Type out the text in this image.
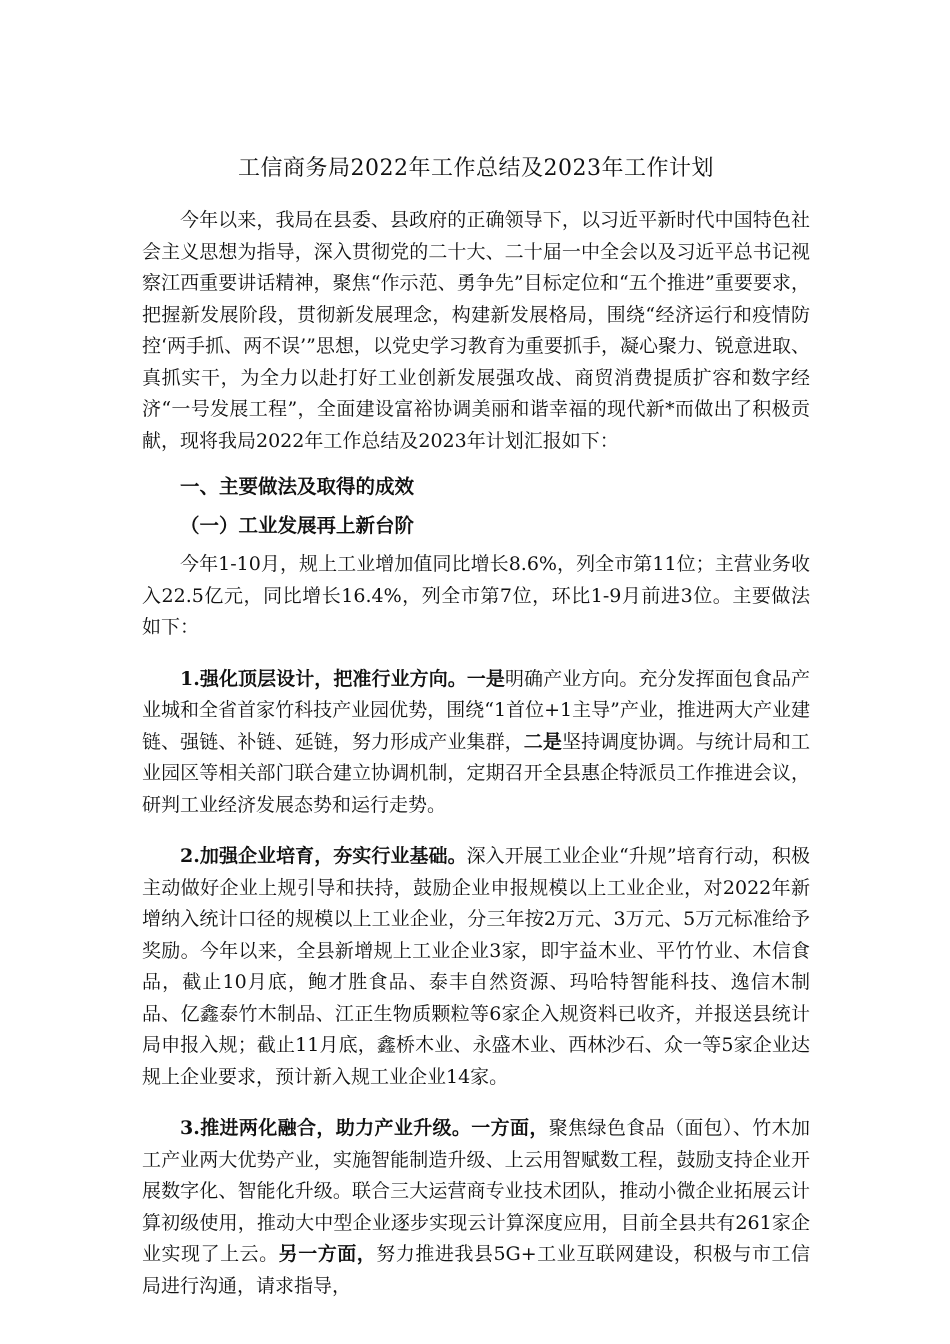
工信商务局2022年工作总结及2023年工作计划

今年以来，我局在县委、县政府的正确领导下，以习近平新时代中国特色社会主义思想为指导，深入贯彻党的二十大、二十届一中全会以及习近平总书记视察江西重要讲话精神，聚焦“作示范、勇争先”目标定位和“五个推进”重要要求，把握新发展阶段，贯彻新发展理念，构建新发展格局，围绕“经济运行和疫情防控‘两手抓、两不误’”思想，以党史学习教育为重要抓手，凝心聚力、锐意进取、真抓实干，为全力以赴打好工业创新发展强攻战、商贸消费提质扩容和数字经济“一号发展工程”，全面建设富裕协调美丽和谐幸福的现代新*而做出了积极贡献，现将我局2022年工作总结及2023年计划汇报如下：

一、主要做法及取得的成效

（一）工业发展再上新台阶

今年1-10月，规上工业增加值同比增长8.6%，列全市第11位；主营业务收入22.5亿元，同比增长16.4%，列全市第7位，环比1-9月前进3位。主要做法如下：

1.强化顶层设计，把准行业方向。一是明确产业方向。充分发挥面包食品产业城和全省首家竹科技产业园优势，围绕“1首位+1主导”产业，推进两大产业建链、强链、补链、延链，努力形成产业集群，二是坚持调度协调。与统计局和工业园区等相关部门联合建立协调机制，定期召开全县惠企特派员工作推进会议，研判工业经济发展态势和运行走势。

2.加强企业培育，夯实行业基础。深入开展工业企业“升规”培育行动，积极主动做好企业上规引导和扶持，鼓励企业申报规模以上工业企业，对2022年新增纳入统计口径的规模以上工业企业，分三年按2万元、3万元、5万元标准给予奖励。今年以来，全县新增规上工业企业3家，即宇益木业、平竹竹业、木信食品，截止10月底，鲍才胜食品、泰丰自然资源、玛哈特智能科技、逸信木制品、亿鑫泰竹木制品、江正生物质颗粒等6家企入规资料已收齐，并报送县统计局申报入规；截止11月底，鑫桥木业、永盛木业、西林沙石、众一等5家企业达规上企业要求，预计新入规工业企业14家。

3.推进两化融合，助力产业升级。一方面，聚焦绿色食品（面包）、竹木加工产业两大优势产业，实施智能制造升级、上云用智赋数工程，鼓励支持企业开展数字化、智能化升级。联合三大运营商专业技术团队，推动小微企业拓展云计算初级使用，推动大中型企业逐步实现云计算深度应用，目前全县共有261家企业实现了上云。另一方面，努力推进我县5G+工业互联网建设，积极与市工信局进行沟通，请求指导，
